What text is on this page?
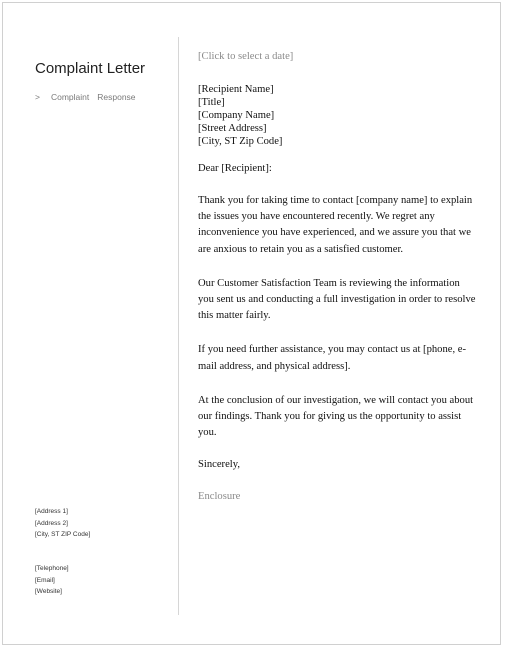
Complaint Letter
> Complaint Response
[Address 1]
[Address 2]
[City, ST ZIP Code]
[Telephone]
[Email]
[Website]
[Click to select a date]
[Recipient Name]
[Title]
[Company Name]
[Street Address]
[City, ST Zip Code]
Dear [Recipient]:
Thank you for taking time to contact [company name] to explain the issues you have encountered recently. We regret any inconvenience you have experienced, and we assure you that we are anxious to retain you as a satisfied customer.
Our Customer Satisfaction Team is reviewing the information you sent us and conducting a full investigation in order to resolve this matter fairly.
If you need further assistance, you may contact us at [phone, e-mail address, and physical address].
At the conclusion of our investigation, we will contact you about our findings. Thank you for giving us the opportunity to assist you.
Sincerely,
Enclosure
